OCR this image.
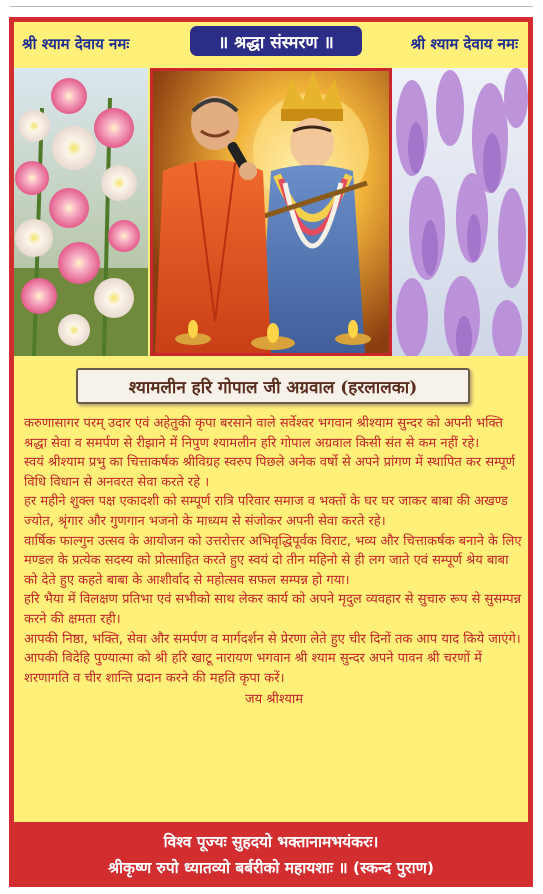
श्री श्याम देवाय नमः	॥ श्रद्धा संस्मरण ॥	श्री श्याम देवाय नमः
श्यामलीन हरि गोपाल जी अग्रवाल (हरलालका)

करुणासागर परम् उदार एवं अहेतुकी कृपा बरसाने वाले सर्वेश्वर भगवान श्रीश्याम सुन्दर को अपनी भक्ति श्रद्धा सेवा व समर्पण से रीझाने में निपुण श्यामलीन हरि गोपाल अग्रवाल किसी संत से कम नहीं रहे।

स्वयं श्रीश्याम प्रभु का चित्ताकर्षक श्रीविग्रह स्वरुप पिछले अनेक वर्षो से अपने प्रांगण में स्थापित कर सम्पूर्ण विधि विधान से अनवरत सेवा करते रहे ।

हर महीने शुक्ल पक्ष एकादशी को सम्पूर्ण रात्रि परिवार समाज व भक्तों के घर घर जाकर बाबा की अखण्ड ज्योत, श्रृंगार और गुणगान भजनो के माध्यम से संजोकर अपनी सेवा करते रहे।

वार्षिक फाल्गुन उत्सव के आयोजन को उत्तरोत्तर अभिवृद्धिपूर्वक विराट, भव्य और चित्ताकर्षक बनाने के लिए मण्डल के प्रत्येक सदस्य को प्रोत्साहित करते हुए स्वयं दो तीन महिनो से ही लग जाते एवं सम्पूर्ण श्रेय बाबा को देते हुए कहते बाबा के आशीर्वाद से महोत्सव सफल सम्पन्न हो गया।

हरि भैया में विलक्षण प्रतिभा एवं सभीको साथ लेकर कार्य को अपने मृदुल व्यवहार से सुचारु रूप से सुसम्पन्न करने की क्षमता रही।

आपकी निष्ठा, भक्ति, सेवा और समर्पण व मार्गदर्शन से प्रेरणा लेते हुए चीर दिनों तक आप याद किये जाएंगे।

आपकी विदेहि पुण्यात्मा को श्री हरि खाटू नारायण भगवान श्री श्याम सुन्दर अपने पावन श्री चरणों में शरणागति व चीर शान्ति प्रदान करने की महति कृपा करें।

जय श्रीश्याम

विश्व पूज्यः सुहदयो भक्तानामभयंकरः।
श्रीकृष्ण रुपो ध्यातव्यो बर्बरीको महायशाः ॥ (स्कन्द पुराण)
